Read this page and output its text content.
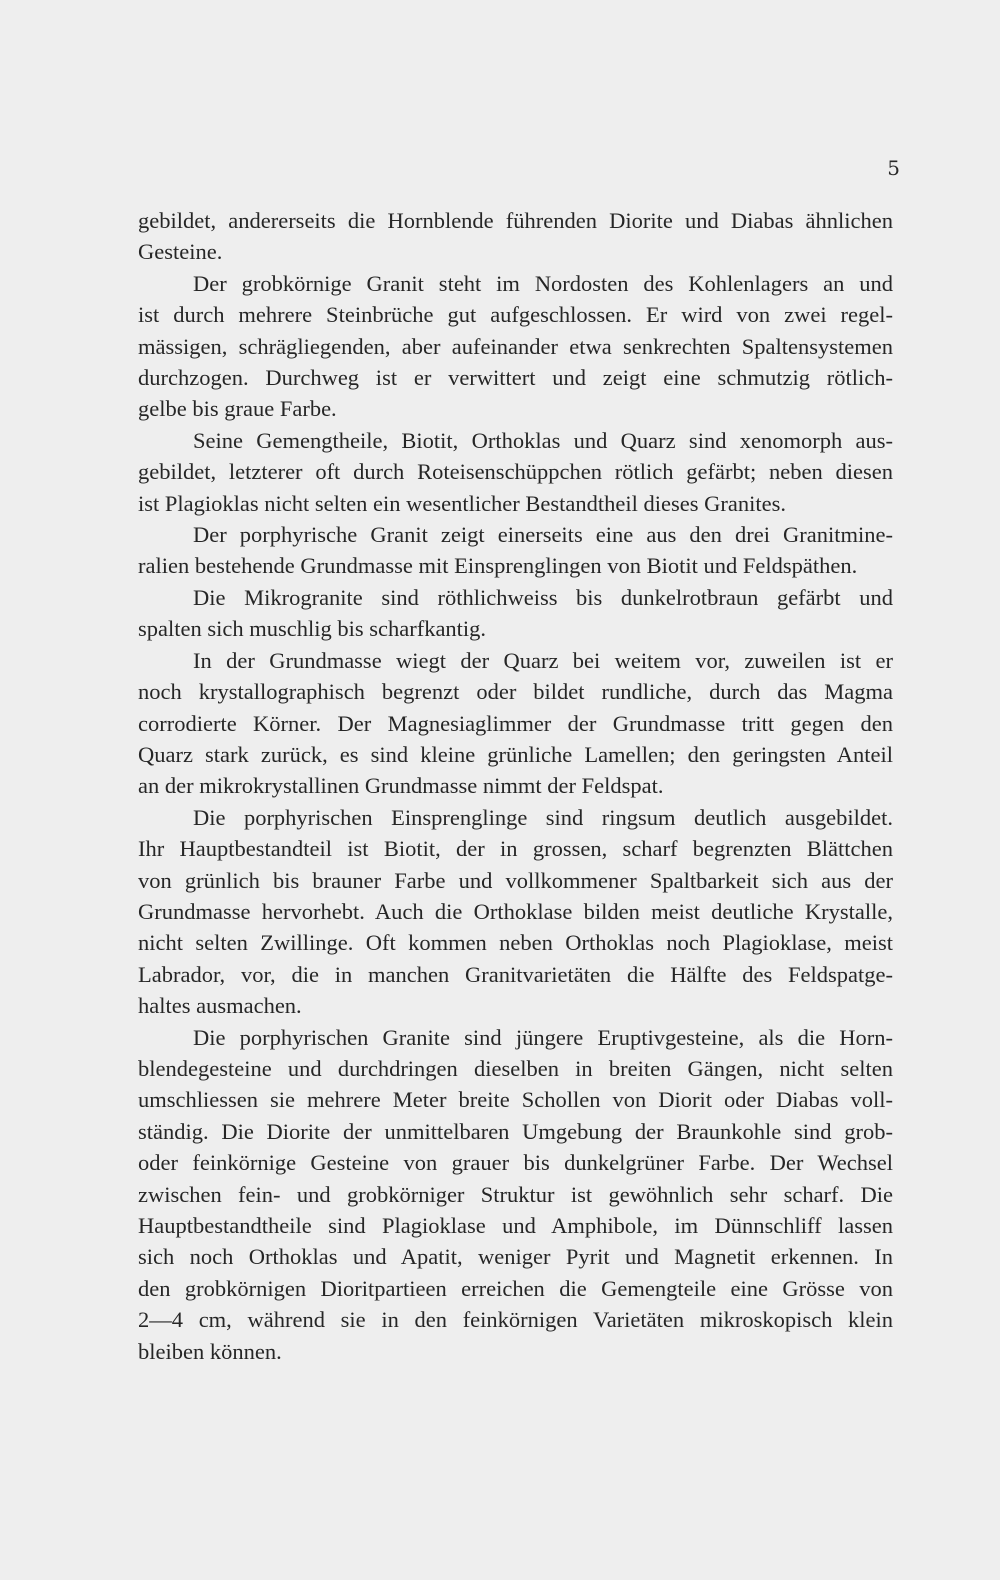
5
gebildet, andererseits die Hornblende führenden Diorite und Diabas ähnlichen
Gesteine.
Der grobkörnige Granit steht im Nordosten des Kohlenlagers an und
ist durch mehrere Steinbrüche gut aufgeschlossen. Er wird von zwei regel-
mässigen, schrägliegenden, aber aufeinander etwa senkrechten Spaltensystemen
durchzogen. Durchweg ist er verwittert und zeigt eine schmutzig rötlich-
gelbe bis graue Farbe.
Seine Gemengtheile, Biotit, Orthoklas und Quarz sind xenomorph aus-
gebildet, letzterer oft durch Roteisenschüppchen rötlich gefärbt; neben diesen
ist Plagioklas nicht selten ein wesentlicher Bestandtheil dieses Granites.
Der porphyrische Granit zeigt einerseits eine aus den drei Granitmine-
ralien bestehende Grundmasse mit Einsprenglingen von Biotit und Feldspäthen.
Die Mikrogranite sind röthlichweiss bis dunkelrotbraun gefärbt und
spalten sich muschlig bis scharfkantig.
In der Grundmasse wiegt der Quarz bei weitem vor, zuweilen ist er
noch krystallographisch begrenzt oder bildet rundliche, durch das Magma
corrodierte Körner. Der Magnesiaglimmer der Grundmasse tritt gegen den
Quarz stark zurück, es sind kleine grünliche Lamellen; den geringsten Anteil
an der mikrokrystallinen Grundmasse nimmt der Feldspat.
Die porphyrischen Einsprenglinge sind ringsum deutlich ausgebildet.
Ihr Hauptbestandteil ist Biotit, der in grossen, scharf begrenzten Blättchen
von grünlich bis brauner Farbe und vollkommener Spaltbarkeit sich aus der
Grundmasse hervorhebt. Auch die Orthoklase bilden meist deutliche Krystalle,
nicht selten Zwillinge. Oft kommen neben Orthoklas noch Plagioklase, meist
Labrador, vor, die in manchen Granitvarietäten die Hälfte des Feldspatge-
haltes ausmachen.
Die porphyrischen Granite sind jüngere Eruptivgesteine, als die Horn-
blendegesteine und durchdringen dieselben in breiten Gängen, nicht selten
umschliessen sie mehrere Meter breite Schollen von Diorit oder Diabas voll-
ständig. Die Diorite der unmittelbaren Umgebung der Braunkohle sind grob-
oder feinkörnige Gesteine von grauer bis dunkelgrüner Farbe. Der Wechsel
zwischen fein- und grobkörniger Struktur ist gewöhnlich sehr scharf. Die
Hauptbestandtheile sind Plagioklase und Amphibole, im Dünnschliff lassen
sich noch Orthoklas und Apatit, weniger Pyrit und Magnetit erkennen. In
den grobkörnigen Dioritpartieen erreichen die Gemengteile eine Grösse von
2—4 cm, während sie in den feinkörnigen Varietäten mikroskopisch klein
bleiben können.
